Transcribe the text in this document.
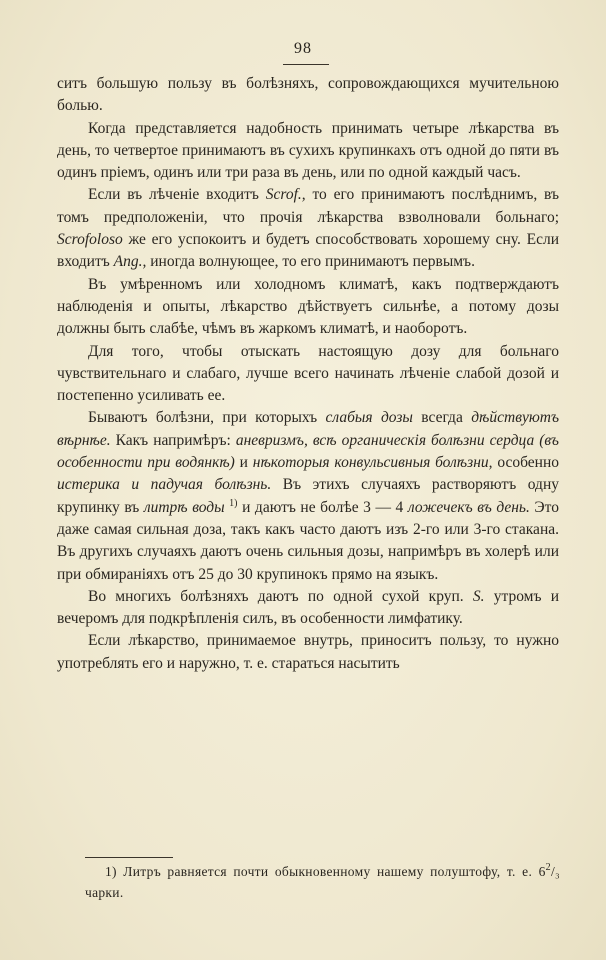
98

ситъ большую пользу въ болѣзняхъ, сопровождающихся мучительною болью.

Когда представляется надобность принимать четыре лѣкарства въ день, то четвертое принимаютъ въ сухихъ крупинкахъ отъ одной до пяти въ одинъ пріемъ, одинъ или три раза въ день, или по одной каждый часъ.

Если въ лѣченіе входитъ Scrof., то его принимаютъ послѣднимъ, въ томъ предположеніи, что прочія лѣкарства взволновали больнаго; Scrofoloso же его успокоитъ и будетъ способствовать хорошему сну. Если входитъ Ang., иногда волнующее, то его принимаютъ первымъ.

Въ умѣренномъ или холодномъ климатѣ, какъ подтверждаютъ наблюденія и опыты, лѣкарство дѣйствуетъ сильнѣе, а потому дозы должны быть слабѣе, чѣмъ въ жаркомъ климатѣ, и наоборотъ.

Для того, чтобы отыскать настоящую дозу для больнаго чувствительнаго и слабаго, лучше всего начинать лѣченіе слабой дозой и постепенно усиливать ее.

Бываютъ болѣзни, при которыхъ слабыя дозы всегда дѣйствуютъ вѣрнѣе. Какъ напримѣръ: аневризмъ, всѣ органическія болѣзни сердца (въ особенности при водянкѣ) и нѣкоторыя конвульсивныя болѣзни, особенно истерика и падучая болѣзнь. Въ этихъ случаяхъ растворяютъ одну крупинку въ литрѣ воды $^{1)}$ и даютъ не болѣе 3 — 4 ложечекъ въ день. Это даже самая сильная доза, такъ какъ часто даютъ изъ 2-го или 3-го стакана. Въ другихъ случаяхъ даютъ очень сильныя дозы, напримѣръ въ холерѣ или при обмираніяхъ отъ 25 до 30 крупинокъ прямо на языкъ.

Во многихъ болѣзняхъ даютъ по одной сухой круп. S. утромъ и вечеромъ для подкрѣпленія силъ, въ особенности лимфатику.

Если лѣкарство, принимаемое внутрь, приноситъ пользу, то нужно употреблять его и наружно, т. е. стараться насытить

1) Литръ равняется почти обыкновенному нашему полуштофу, т. е. $6^2/_3$ чарки.
